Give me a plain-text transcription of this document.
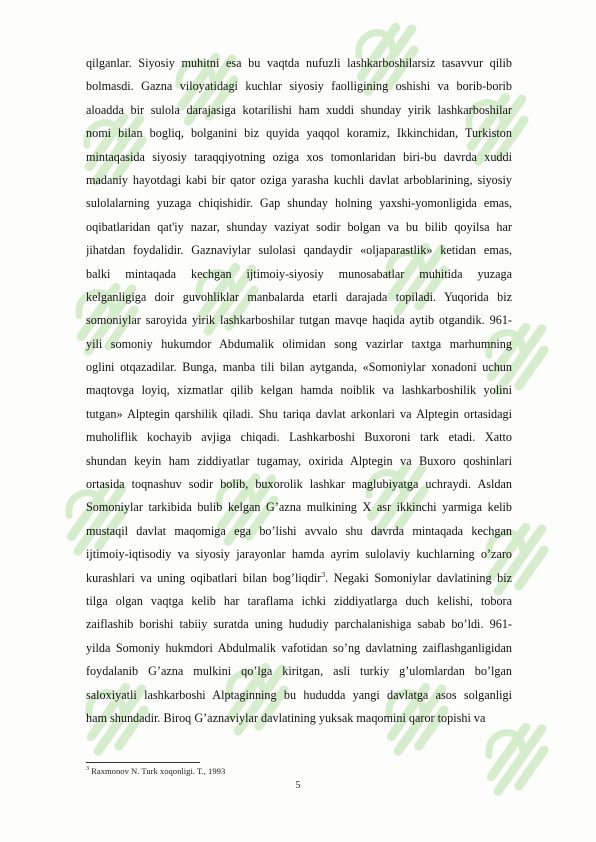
qilganlar. Siyosiy muhitni esa bu vaqtda nufuzli lashkarboshilarsiz tasavvur qilib
bolmasdi. Gazna viloyatidagi kuchlar siyosiy faolligining oshishi va borib-borib
aloadda bir sulola darajasiga kotarilishi ham xuddi shunday yirik lashkarboshilar
nomi bilan bogliq, bolganini biz quyida yaqqol koramiz, Ikkinchidan, Turkiston
mintaqasida siyosiy taraqqiyotning oziga xos tomonlaridan biri-bu davrda xuddi
madaniy hayotdagi kabi bir qator oziga yarasha kuchli davlat arboblarining, siyosiy
sulolalarning yuzaga chiqishidir. Gap shunday holning yaxshi-yomonligida emas,
oqibatlaridan qat'iy nazar, shunday vaziyat sodir bolgan va bu bilib qoyilsa har
jihatdan foydalidir. Gaznaviylar sulolasi qandaydir «oljaparastlik» ketidan emas,
balki mintaqada kechgan ijtimoiy-siyosiy munosabatlar muhitida yuzaga
kelganligiga doir guvohliklar manbalarda etarli darajada topiladi. Yuqorida biz
somoniylar saroyida yirik lashkarboshilar tutgan mavqe haqida aytib otgandik. 961-
yili somoniy hukumdor Abdumalik olimidan song vazirlar taxtga marhumning
oglini otqazadilar. Bunga, manba tili bilan aytganda, «Somoniylar xonadoni uchun
maqtovga loyiq, xizmatlar qilib kelgan hamda noiblik va lashkarboshilik yolini
tutgan» Alptegin qarshilik qiladi. Shu tariqa davlat arkonlari va Alptegin ortasidagi
muholiflik kochayib avjiga chiqadi. Lashkarboshi Buxoroni tark etadi. Xatto
shundan keyin ham ziddiyatlar tugamay, oxirida Alptegin va Buxoro qoshinlari
ortasida toqnashuv sodir bolib, buxorolik lashkar maglubiyatga uchraydi. Asldan
Somoniylar tarkibida bulib kelgan G’azna mulkining X asr ikkinchi yarmiga kelib
mustaqil davlat maqomiga ega bo’lishi avvalo shu davrda mintaqada kechgan
ijtimoiy-iqtisodiy va siyosiy jarayonlar hamda ayrim sulolaviy kuchlarning o’zaro
kurashlari va uning oqibatlari bilan bog’liqdir$^3$. Negaki Somoniylar davlatining biz
tilga olgan vaqtga kelib har taraflama ichki ziddiyatlarga duch kelishi, tobora
zaiflashib borishi tabiiy suratda uning hududiy parchalanishiga sabab bo’ldi. 961-
yilda Somoniy hukmdori Abdulmalik vafotidan so’ng davlatning zaiflashganligidan
foydalanib G’azna mulkini qo’lga kiritgan, asli turkiy g’ulomlardan bo’lgan
saloxiyatli lashkarboshi Alptaginning bu hududda yangi davlatga asos solganligi
ham shundadir. Biroq G’aznaviylar davlatining yuksak maqomini qaror topishi va

$^3$ Raxmonov N. Turk xoqonligi. T., 1993
5
